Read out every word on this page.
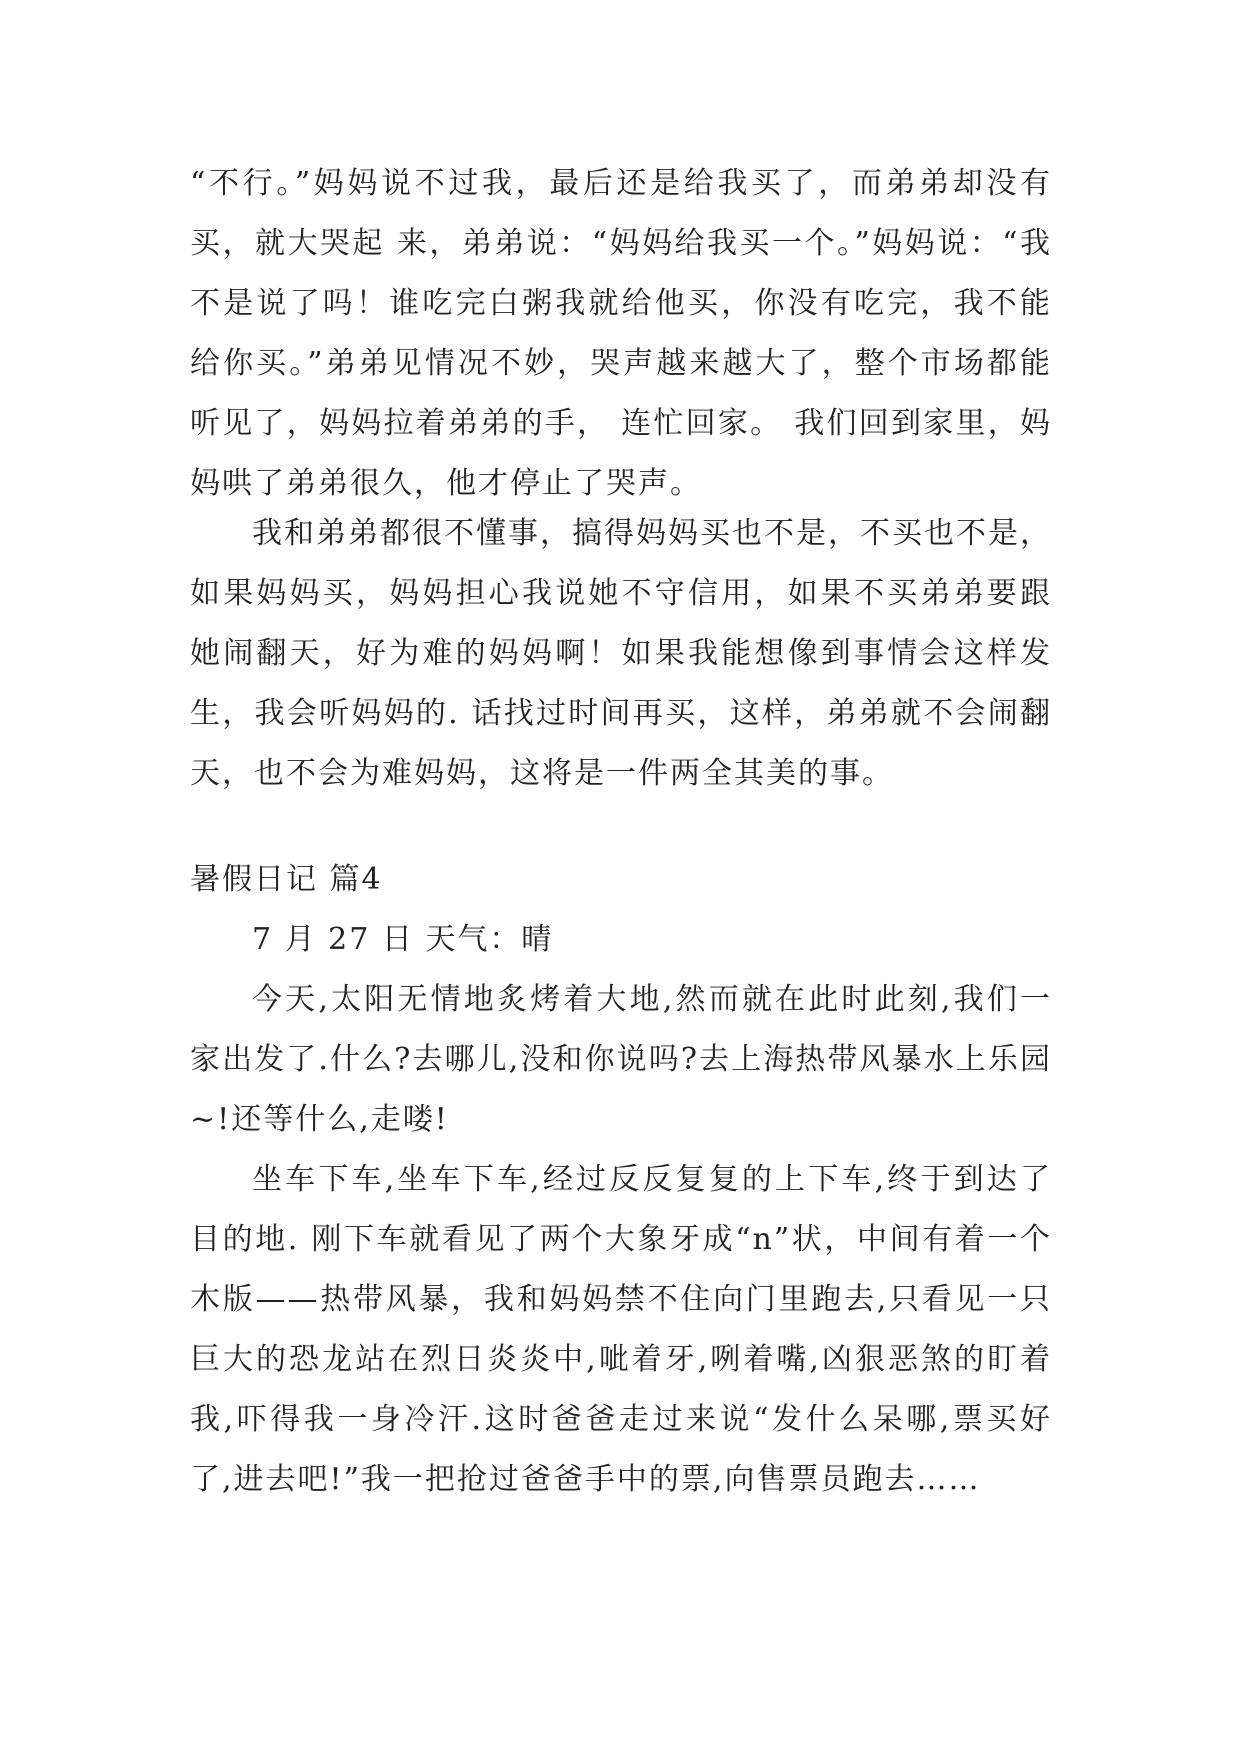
“不行。”妈妈说不过我，最后还是给我买了，而弟弟却没有买，就大哭起 来，弟弟说：“妈妈给我买一个。”妈妈说：“我不是说了吗！谁吃完白粥我就给他买，你没有吃完，我不能给你买。”弟弟见情况不妙，哭声越来越大了，整个市场都能听见了，妈妈拉着弟弟的手， 连忙回家。 我们回到家里，妈妈哄了弟弟很久，他才停止了哭声。

我和弟弟都很不懂事，搞得妈妈买也不是，不买也不是，如果妈妈买，妈妈担心我说她不守信用，如果不买弟弟要跟她闹翻天，好为难的妈妈啊！如果我能想像到事情会这样发生，我会听妈妈的. 话找过时间再买，这样，弟弟就不会闹翻天，也不会为难妈妈，这将是一件两全其美的事。

暑假日记 篇4

7 月 27 日 天气：晴

今天,太阳无情地炙烤着大地,然而就在此时此刻,我们一家出发了.什么?去哪儿,没和你说吗?去上海热带风暴水上乐园~!还等什么,走喽!

坐车下车,坐车下车,经过反反复复的上下车,终于到达了目的地. 刚下车就看见了两个大象牙成“n”状，中间有着一个木版——热带风暴，我和妈妈禁不住向门里跑去,只看见一只巨大的恐龙站在烈日炎炎中,呲着牙,咧着嘴,凶狠恶煞的盯着我,吓得我一身冷汗.这时爸爸走过来说“发什么呆哪,票买好了,进去吧!”我一把抢过爸爸手中的票,向售票员跑去……
